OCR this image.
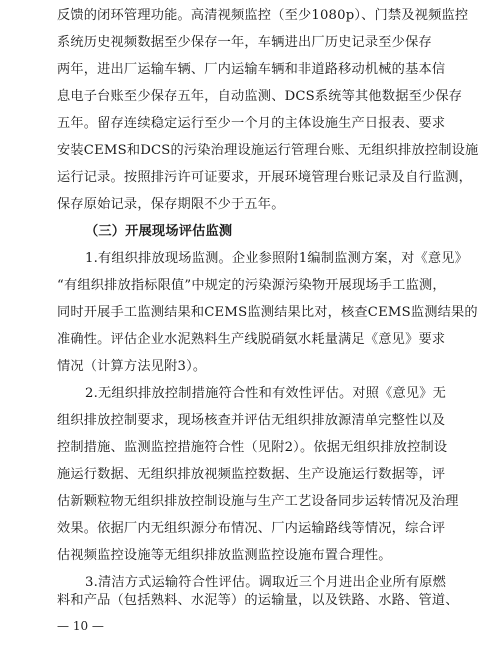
反馈的闭环管理功能。高清视频监控（至少1080p）、门禁及视频监控
系统历史视频数据至少保存一年，车辆进出厂历史记录至少保存
两年，进出厂运输车辆、厂内运输车辆和非道路移动机械的基本信
息电子台账至少保存五年，自动监测、DCS系统等其他数据至少保存
五年。留存连续稳定运行至少一个月的主体设施生产日报表、要求
安装CEMS和DCS的污染治理设施运行管理台账、无组织排放控制设施
运行记录。按照排污许可证要求，开展环境管理台账记录及自行监测，
保存原始记录，保存期限不少于五年。
（三）开展现场评估监测
1.有组织排放现场监测。企业参照附1编制监测方案，对《意见》
“有组织排放指标限值”中规定的污染源污染物开展现场手工监测，
同时开展手工监测结果和CEMS监测结果比对，核查CEMS监测结果的
准确性。评估企业水泥熟料生产线脱硝氨水耗量满足《意见》要求
情况（计算方法见附3）。
2.无组织排放控制措施符合性和有效性评估。对照《意见》无
组织排放控制要求，现场核查并评估无组织排放源清单完整性以及
控制措施、监测监控措施符合性（见附2）。依据无组织排放控制设
施运行数据、无组织排放视频监控数据、生产设施运行数据等，评
估新颗粒物无组织排放控制设施与生产工艺设备同步运转情况及治理
效果。依据厂内无组织源分布情况、厂内运输路线等情况，综合评
估视频监控设施等无组织排放监测监控设施布置合理性。
3.清洁方式运输符合性评估。调取近三个月进出企业所有原燃
料和产品（包括熟料、水泥等）的运输量，以及铁路、水路、管道、
— 10 —
